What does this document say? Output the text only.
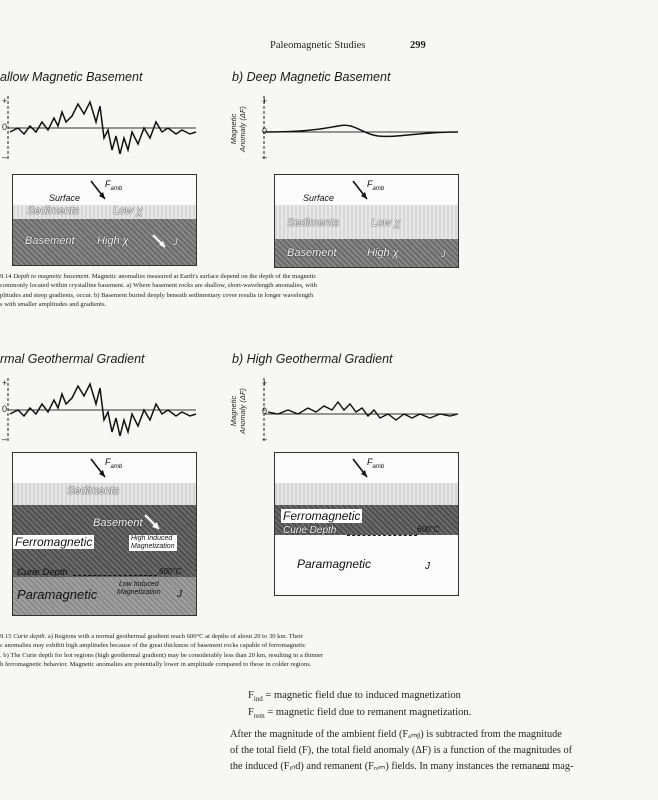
Paleomagnetic Studies	299
allow Magnetic Basement	b) Deep Magnetic Basement
+
0
–
Magnetic Anomaly (ΔF)
+
0
–
Surface
$F_{amb}$
Sediments	Low χ
Basement High χ	J
Surface
$F_{amb}$
Sediments	Low χ
Basement	High χ	J
9.14 Depth to magnetic basement. Magnetic anomalies measured at Earth's surface depend on the depth of the magnetic
commonly located within crystalline basement. a) Where basement rocks are shallow, short-wavelength anomalies, with
plitudes and steep gradients, occur. b) Basement buried deeply beneath sedimentary cover results in longer wavelength
s with smaller amplitudes and gradients.
rmal Geothermal Gradient	b) High Geothermal Gradient
+
0
–
Magnetic Anomaly (ΔF)
+
0
–
$F_{amb}$
Sediments
Basement
Ferromagnetic	High Induced
Magnetization
Curie Depth	600°C
Paramagnetic
Low Induced
Magnetization J
$F_{amb}$
Ferromagnetic
Curie Depth	600°C
Paramagnetic	J
9.15 Curie depth. a) Regions with a normal geothermal gradient reach 600°C at depths of about 20 to 30 km. Their
c anomalies may exhibit high amplitudes because of the great thickness of basement rocks capable of ferromagnetic
. b) The Curie depth for hot regions (high geothermal gradient) may be considerably less than 20 km, resulting in a thinner
h ferromagnetic behavior. Magnetic anomalies are potentially lower in amplitude compared to those in colder regions.
$F_{ind}$ = magnetic field due to induced magnetization
$F_{rem}$ = magnetic field due to remanent magnetization.
After the magnitude of the ambient field (Fₐₘᵦ) is subtracted from the magnitude
of the total field (F), the total field anomaly (ΔF) is a function of the magnitudes of
the induced (Fᵢₙd) and remanent (Fᵣₑₘ) fields. In many instances the remanent mag-
